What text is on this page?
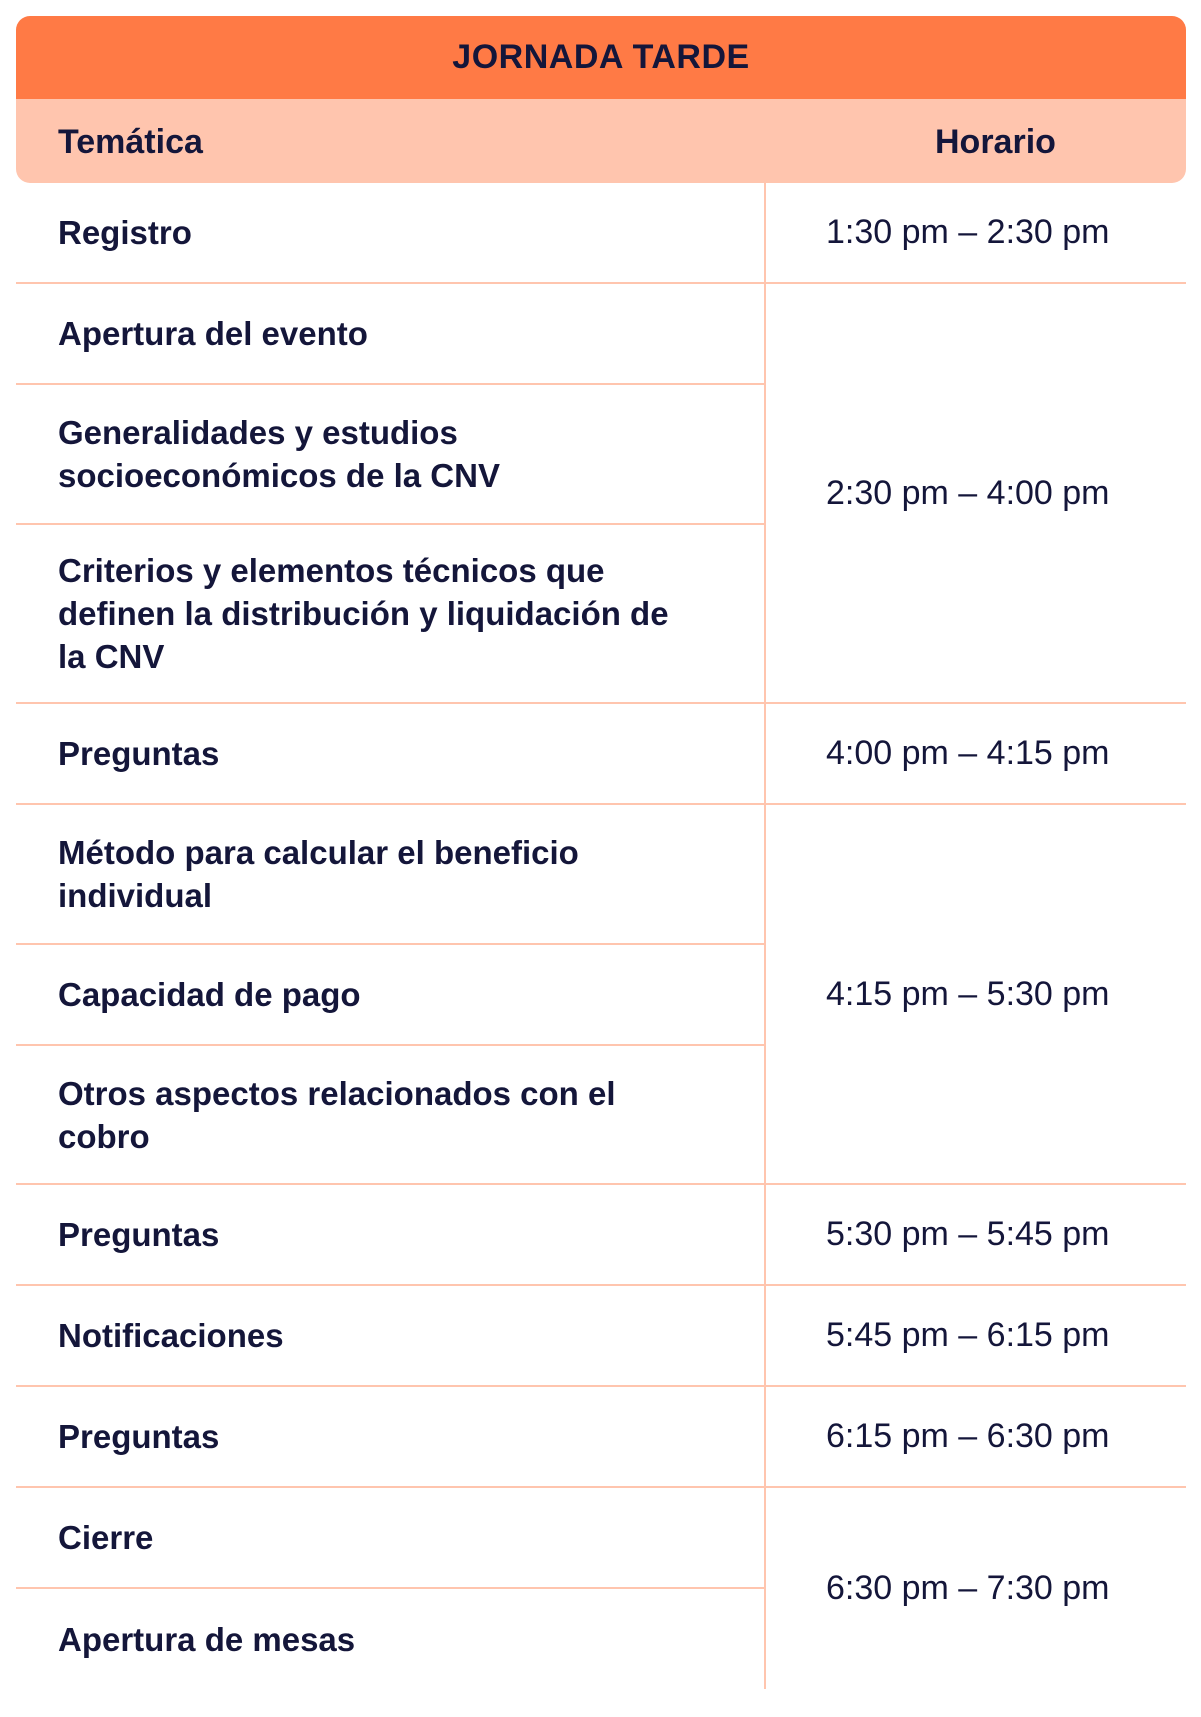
JORNADA TARDE
Temática	Horario
Registro	1:30 pm – 2:30 pm
Apertura del evento	2:30 pm – 4:00 pm
Generalidades y estudios socioeconómicos de la CNV	
Criterios y elementos técnicos que definen la distribución y liquidación de la CNV	
Preguntas	4:00 pm – 4:15 pm
Método para calcular el beneficio individual	4:15 pm – 5:30 pm
Capacidad de pago	
Otros aspectos relacionados con el cobro	
Preguntas	5:30 pm – 5:45 pm
Notificaciones	5:45 pm – 6:15 pm
Preguntas	6:15 pm – 6:30 pm
Cierre	6:30 pm – 7:30 pm
Apertura de mesas	
